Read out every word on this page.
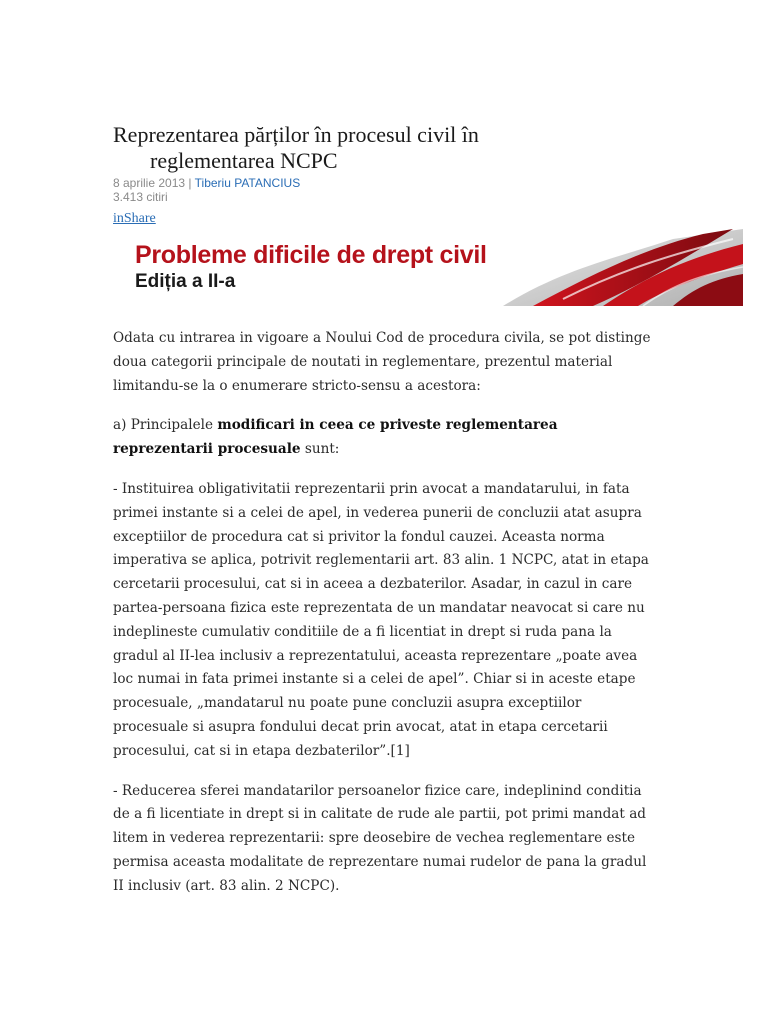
Reprezentarea părților în procesul civil în
reglementarea NCPC
8 aprilie 2013 | Tiberiu PATANCIUS
3.413 citiri
inShare
Probleme dificile de drept civil
Ediția a II-a

Odata cu intrarea in vigoare a Noului Cod de procedura civila, se pot distinge doua categorii principale de noutati in reglementare, prezentul material limitandu-se la o enumerare stricto-sensu a acestora:

a) Principalele modificari in ceea ce priveste reglementarea reprezentarii procesuale sunt:

- Instituirea obligativitatii reprezentarii prin avocat a mandatarului, in fata primei instante si a celei de apel, in vederea punerii de concluzii atat asupra exceptiilor de procedura cat si privitor la fondul cauzei. Aceasta norma imperativa se aplica, potrivit reglementarii art. 83 alin. 1 NCPC, atat in etapa cercetarii procesului, cat si in aceea a dezbaterilor. Asadar, in cazul in care partea-persoana fizica este reprezentata de un mandatar neavocat si care nu indeplineste cumulativ conditiile de a fi licentiat in drept si ruda pana la gradul al II-lea inclusiv a reprezentatului, aceasta reprezentare „poate avea loc numai in fata primei instante si a celei de apel”. Chiar si in aceste etape procesuale, „mandatarul nu poate pune concluzii asupra exceptiilor procesuale si asupra fondului decat prin avocat, atat in etapa cercetarii procesului, cat si in etapa dezbaterilor”.[1]

- Reducerea sferei mandatarilor persoanelor fizice care, indeplinind conditia de a fi licentiate in drept si in calitate de rude ale partii, pot primi mandat ad litem in vederea reprezentarii: spre deosebire de vechea reglementare este permisa aceasta modalitate de reprezentare numai rudelor de pana la gradul II inclusiv (art. 83 alin. 2 NCPC).
